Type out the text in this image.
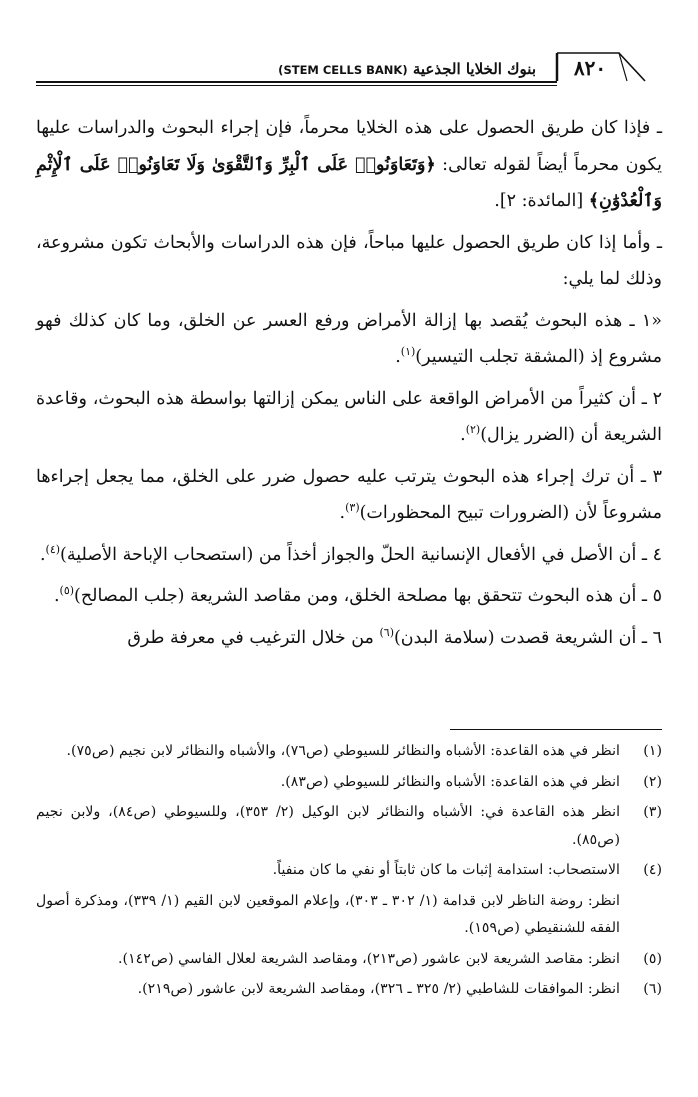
بنوك الخلايا الجذعية (STEM CELLS BANK)	٨٢٠

ـ فإذا كان طريق الحصول على هذه الخلايا محرماً، فإن إجراء البحوث والدراسات عليها يكون محرماً أيضاً لقوله تعالى: ﴿وَتَعَاوَنُوا۟ عَلَى ٱلْبِرِّ وَٱلتَّقْوَىٰ وَلَا تَعَاوَنُوا۟ عَلَى ٱلْإِثْمِ وَٱلْعُدْوَٰنِ﴾ [المائدة: ٢].

ـ وأما إذا كان طريق الحصول عليها مباحاً، فإن هذه الدراسات والأبحاث تكون مشروعة، وذلك لما يلي:

«١ ـ هذه البحوث يُقصد بها إزالة الأمراض ورفع العسر عن الخلق، وما كان كذلك فهو مشروع إذ (المشقة تجلب التيسير)$^{(١)}$.

٢ ـ أن كثيراً من الأمراض الواقعة على الناس يمكن إزالتها بواسطة هذه البحوث، وقاعدة الشريعة أن (الضرر يزال)$^{(٢)}$.

٣ ـ أن ترك إجراء هذه البحوث يترتب عليه حصول ضرر على الخلق، مما يجعل إجراءها مشروعاً لأن (الضرورات تبيح المحظورات)$^{(٣)}$.

٤ ـ أن الأصل في الأفعال الإنسانية الحلّ والجواز أخذاً من (استصحاب الإباحة الأصلية)$^{(٤)}$.

٥ ـ أن هذه البحوث تتحقق بها مصلحة الخلق، ومن مقاصد الشريعة (جلب المصالح)$^{(٥)}$.

٦ ـ أن الشريعة قصدت (سلامة البدن)$^{(٦)}$ من خلال الترغيب في معرفة طرق

(١)
انظر في هذه القاعدة: الأشباه والنظائر للسيوطي (ص٧٦)، والأشباه والنظائر لابن نجيم (ص٧٥).
(٢)
انظر في هذه القاعدة: الأشباه والنظائر للسيوطي (ص٨٣).
(٣)
انظر هذه القاعدة في: الأشباه والنظائر لابن الوكيل (٢/ ٣٥٣)، وللسيوطي (ص٨٤)، ولابن نجيم (ص٨٥).
(٤)
الاستصحاب: استدامة إثبات ما كان ثابتاً أو نفي ما كان منفياً.
انظر: روضة الناظر لابن قدامة (١/ ٣٠٢ ـ ٣٠٣)، وإعلام الموقعين لابن القيم (١/ ٣٣٩)، ومذكرة أصول الفقه للشنقيطي (ص١٥٩).
(٥)
انظر: مقاصد الشريعة لابن عاشور (ص٢١٣)، ومقاصد الشريعة لعلال الفاسي (ص١٤٢).
(٦)
انظر: الموافقات للشاطبي (٢/ ٣٢٥ ـ ٣٢٦)، ومقاصد الشريعة لابن عاشور (ص٢١٩).
